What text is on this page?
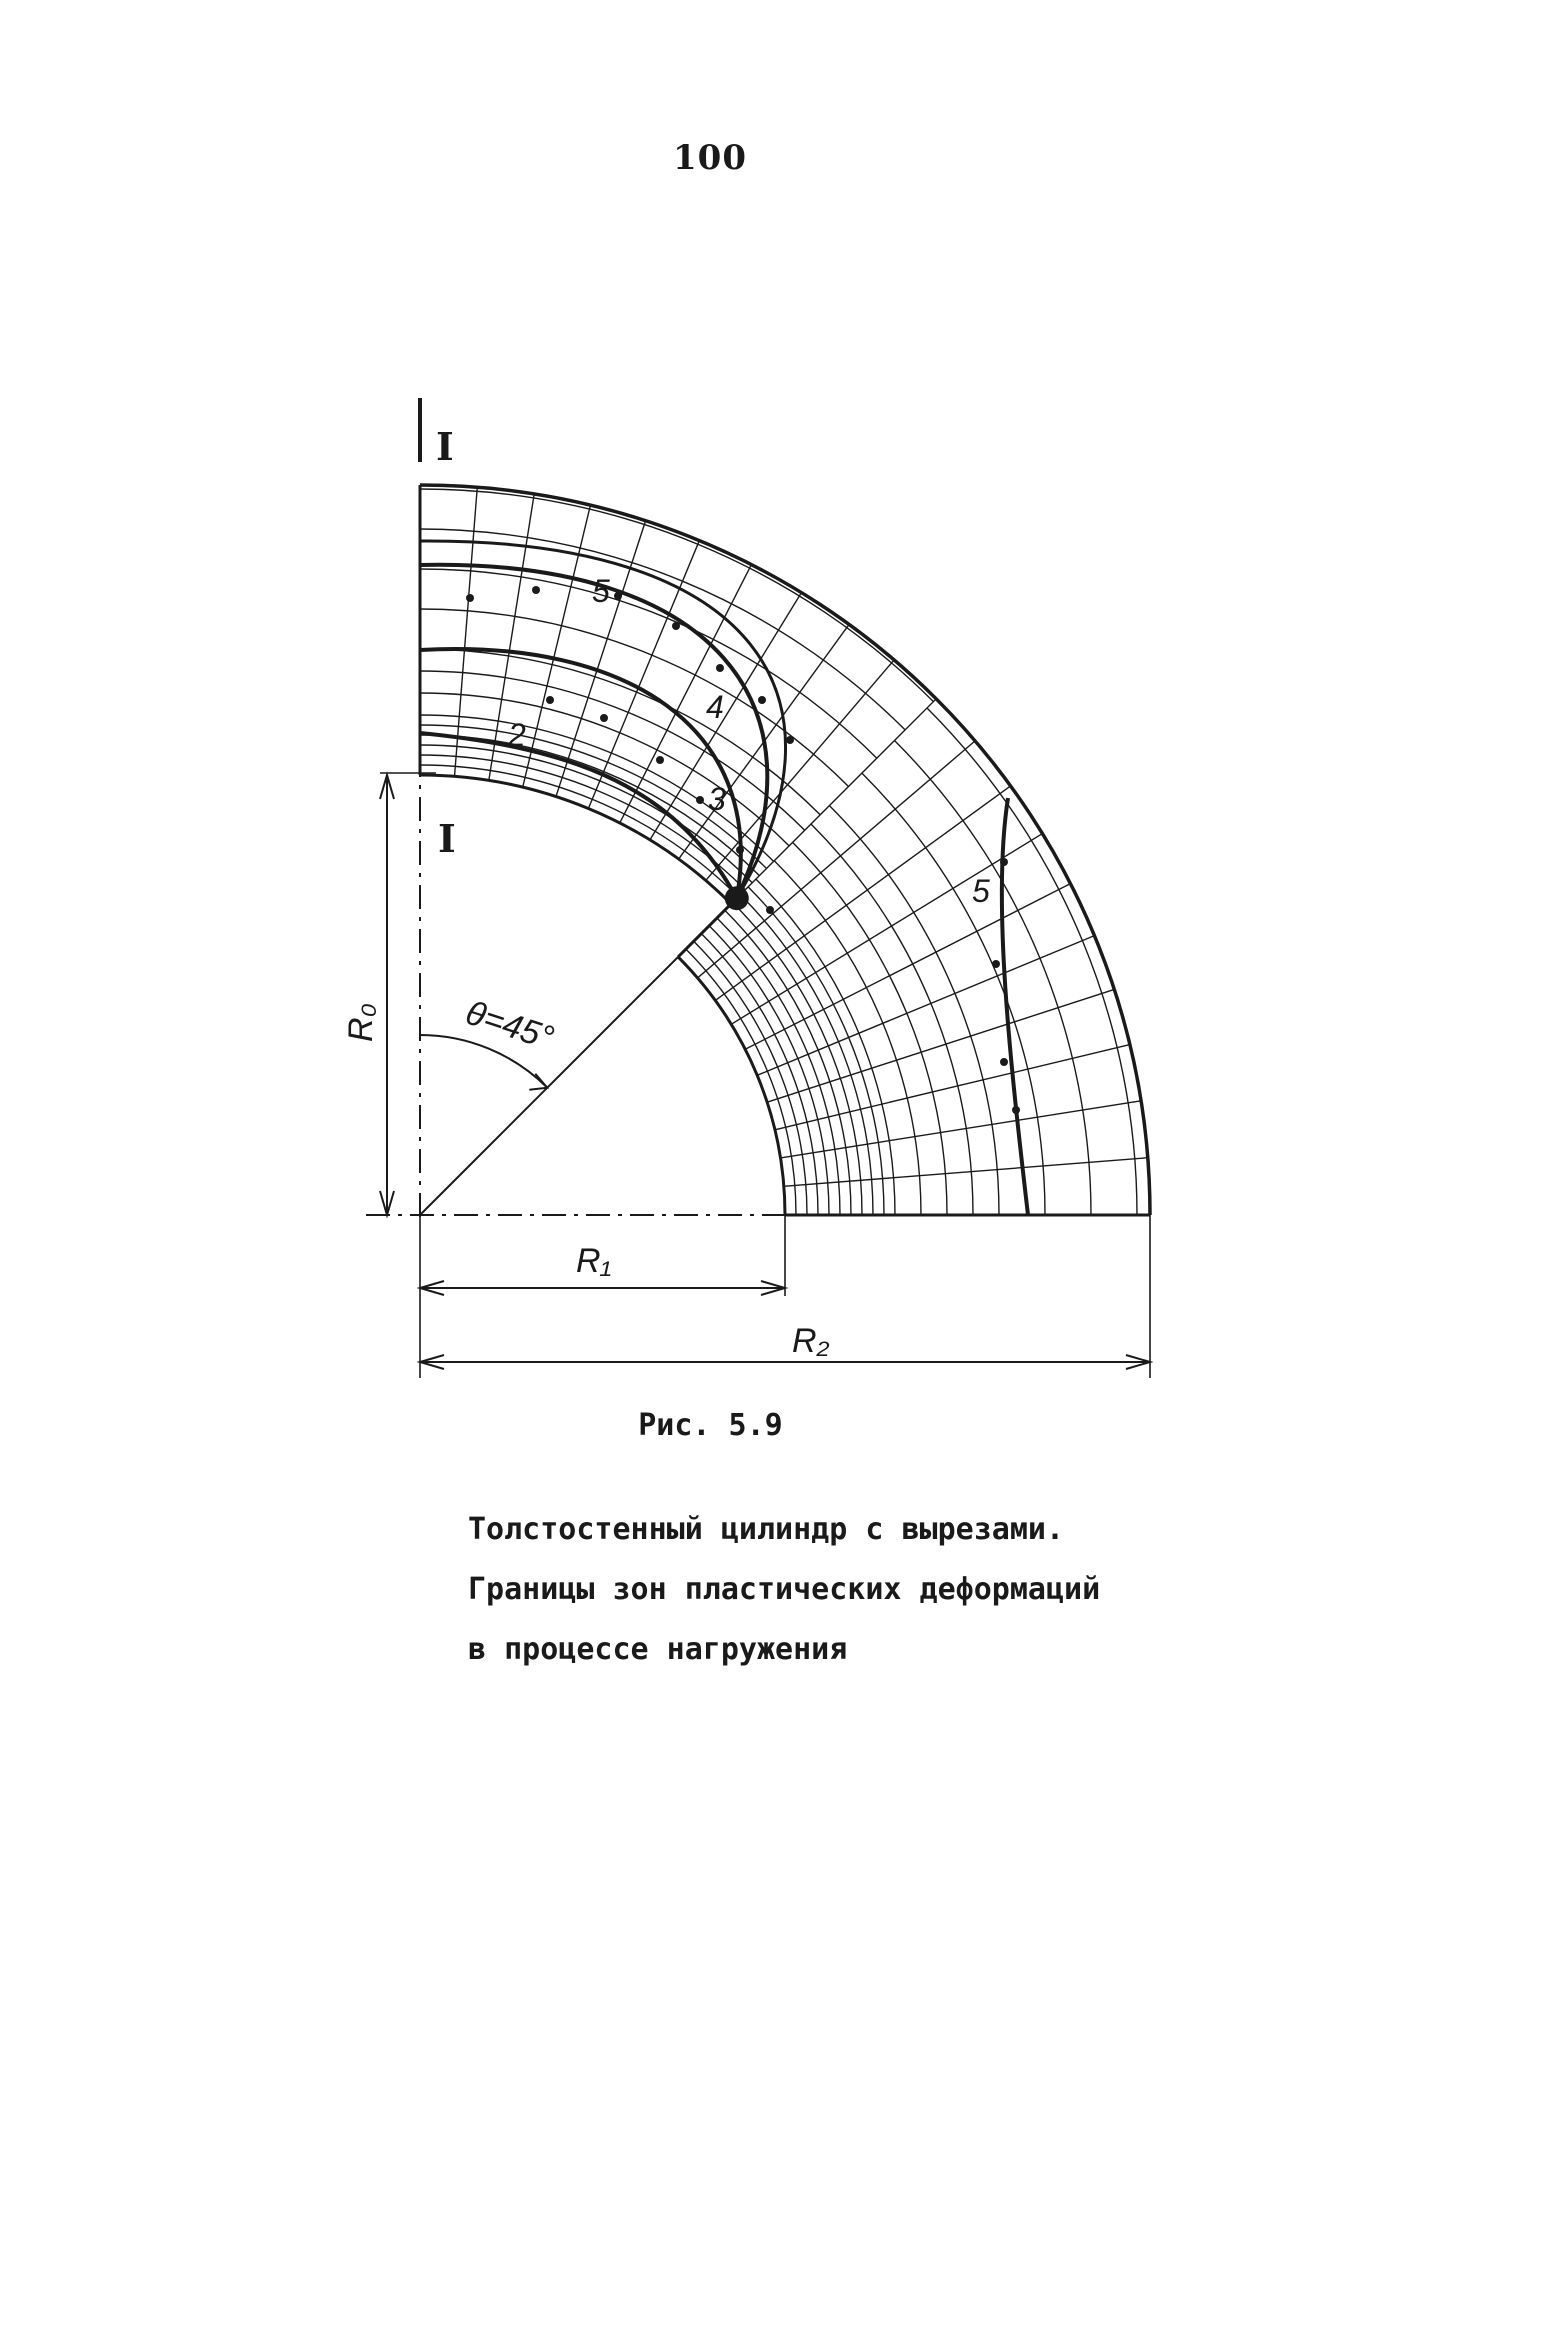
100
I
I
θ=45°
R₀
R₁
R₂
2
3
4
5
5
Рис. 5.9
Толстостенный цилиндр с вырезами.
Границы зон пластических деформаций
в процессе нагружения
